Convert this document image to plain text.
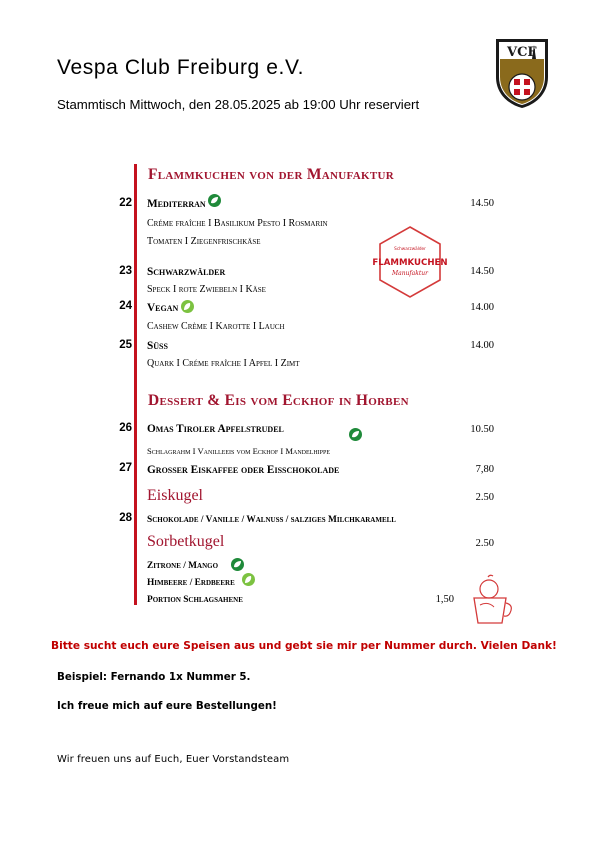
Vespa Club Freiburg e.V.
Stammtisch Mittwoch, den 28.05.2025 ab 19:00 Uhr reserviert
VCF
Flammkuchen von der Manufaktur
22 Mediterran	14.50
Créme fraîche I Basilikum Pesto I Rosmarin
Tomaten I Ziegenfrischkäse
Schwarzwälder
FLAMMKUCHEN
Manufaktur
23 Schwarzwälder	14.50
Speck I rote Zwiebeln I Käse
24 Vegan	14.00
Cashew Crème I Karotte I Lauch
25 Süss	14.00
Quark I Créme fraîche I Apfel I Zimt
Dessert & Eis vom Eckhof in Horben
26 Omas Tiroler Apfelstrudel	10.50
Schlagrahm I Vanilleeis vom Eckhof I Mandelhippe
27 Grosser Eiskaffee oder Eisschokolade	7,80
Eiskugel	2.50
28 Schokolade / Vanille / Walnuss / salziges Milchkaramell
Sorbetkugel	2.50
Zitrone / Mango
Himbeere / Erdbeere
Portion Schlagsahene	1,50
Bitte sucht euch eure Speisen aus und gebt sie mir per Nummer durch. Vielen Dank!
Beispiel: Fernando 1x Nummer 5.
Ich freue mich auf eure Bestellungen!
Wir freuen uns auf Euch, Euer Vorstandsteam
